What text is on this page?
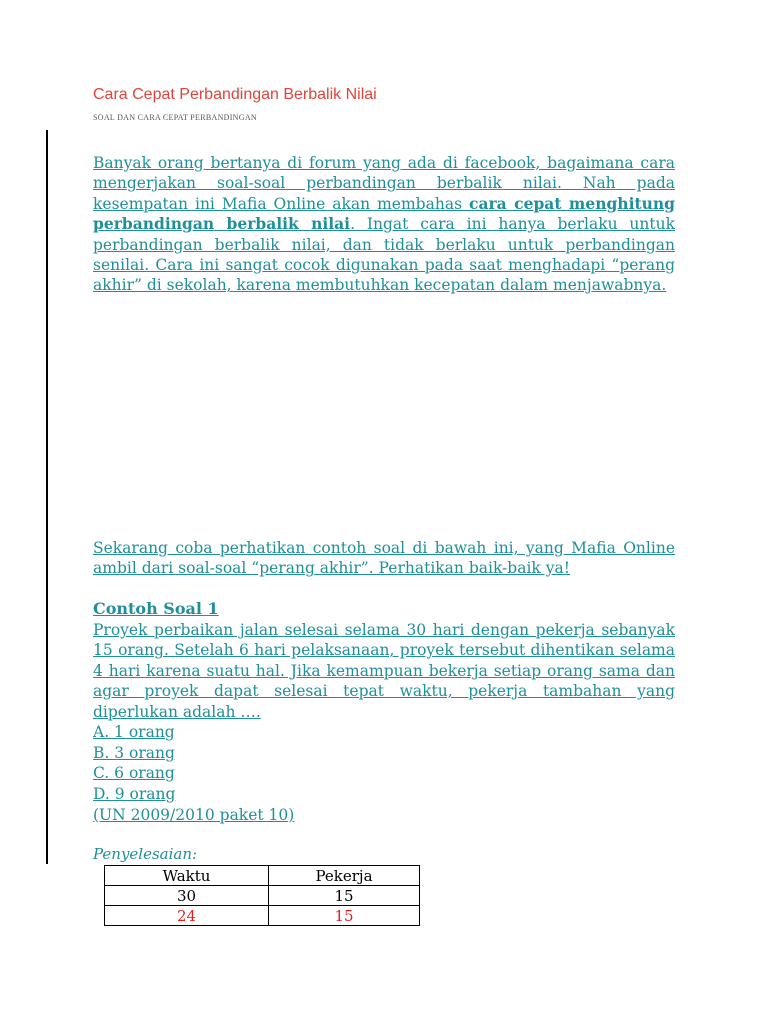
Cara Cepat Perbandingan Berbalik Nilai
SOAL DAN CARA CEPAT PERBANDINGAN

Banyak orang bertanya di forum yang ada di facebook, bagaimana cara mengerjakan soal-soal perbandingan berbalik nilai. Nah pada kesempatan ini Mafia Online akan membahas cara cepat menghitung perbandingan berbalik nilai. Ingat cara ini hanya berlaku untuk perbandingan berbalik nilai, dan tidak berlaku untuk perbandingan senilai. Cara ini sangat cocok digunakan pada saat menghadapi “perang akhir” di sekolah, karena membutuhkan kecepatan dalam menjawabnya.

Sekarang coba perhatikan contoh soal di bawah ini, yang Mafia Online ambil dari soal-soal “perang akhir”. Perhatikan baik-baik ya!

Contoh Soal 1

Proyek perbaikan jalan selesai selama 30 hari dengan pekerja sebanyak 15 orang. Setelah 6 hari pelaksanaan, proyek tersebut dihentikan selama 4 hari karena suatu hal. Jika kemampuan bekerja setiap orang sama dan agar proyek dapat selesai tepat waktu, pekerja tambahan yang diperlukan adalah ….

A. 1 orang
B. 3 orang
C. 6 orang
D. 9 orang
(UN 2009/2010 paket 10)
Penyelesaian:
Waktu	Pekerja
30	15
24	15
